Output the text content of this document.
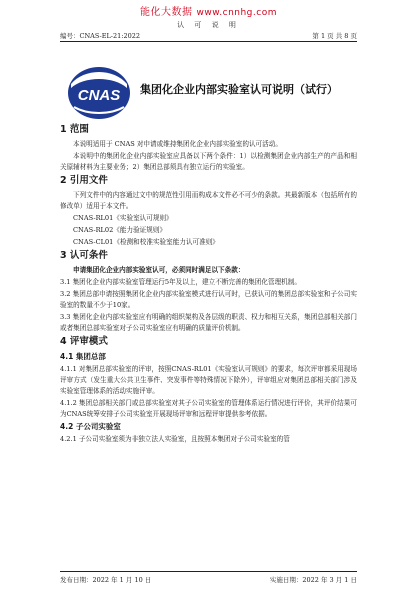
能化大数据 www.cnnhg.com
认 可 说 明
编号：CNAS-EL-21:2022	第 1 页 共 8 页
CNAS 集团化企业内部实验室认可说明（试行）
1 范围
本说明适用于 CNAS 对申请或维持集团化企业内部实验室的认可活动。
本说明中的集团化企业内部实验室应具备以下两个条件：1）以检测集团企业内部生产的产品和相关原辅材料为主要业务；2）集团总部须具有独立运行的实验室。
2 引用文件
下列文件中的内容通过文中的规范性引用而构成本文件必不可少的条款。其最新版本（包括所有的修改单）适用于本文件。
CNAS-RL01《实验室认可规则》
CNAS-RL02《能力验证规则》
CNAS-CL01《检测和校准实验室能力认可准则》
3 认可条件
申请集团化企业内部实验室认可，必须同时满足以下条款：
3.1 集团化企业内部实验室管理运行5年及以上，建立不断完善的集团化管理机制。
3.2 集团总部申请按照集团化企业内部实验室模式进行认可时，已获认可的集团总部实验室和子公司实验室的数量不少于10家。
3.3 集团化企业内部实验室应有明确的组织架构及各层级的职责、权力和相互关系，集团总部相关部门或者集团总部实验室对子公司实验室应有明确的质量评价机制。
4 评审模式
4.1 集团总部
4.1.1 对集团总部实验室的评审，按照CNAS-RL01《实验室认可规则》的要求，每次评审都采用现场评审方式（发生重大公共卫生事件、突发事件等特殊情况下除外），评审组应对集团总部相关部门涉及实验室管理体系的活动实施评审。
4.1.2 集团总部相关部门或总部实验室对其子公司实验室的管理体系运行情况进行评价，其评价结果可为CNAS统筹安排子公司实验室开展现场评审和远程评审提供参考依据。
4.2 子公司实验室
4.2.1 子公司实验室须为非独立法人实验室，且按照本集团对子公司实验室的管
发布日期：2022 年 1 月 10 日	实施日期：2022 年 3 月 1 日
